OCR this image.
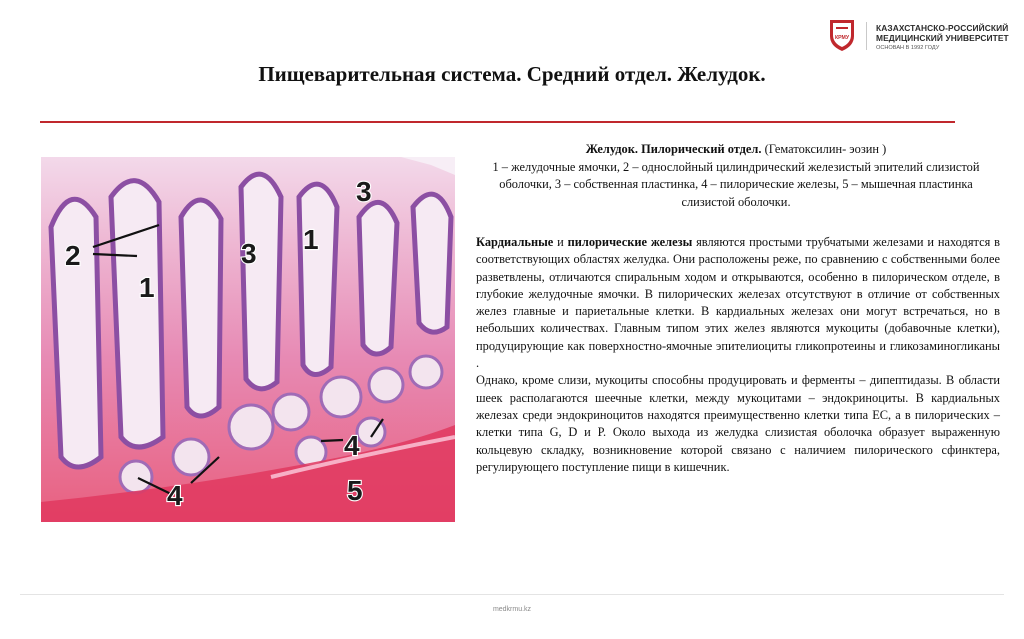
КРМУ
КАЗАХСТАНСКО-РОССИЙСКИЙ
МЕДИЦИНСКИЙ УНИВЕРСИТЕТ
ОСНОВАН В 1992 ГОДУ
Пищеварительная система. Средний отдел. Желудок.
2
1
3 1
3
4
4	5
Желудок. Пилорический отдел. (Гематоксилин- эозин )
1 – желудочные ямочки, 2 – однослойный цилиндрический железистый эпителий слизистой оболочки, 3 – собственная пластинка, 4 – пилорические железы, 5 – мышечная пластинка слизистой оболочки.

Кардиальные и пилорические железы являются простыми трубчатыми железами и находятся в соответствующих областях желудка. Они расположены реже, по сравнению с собственными более разветвлены, отличаются спиральным ходом и открываются, особенно в пилорическом отделе, в глубокие желудочные ямочки. В пилорических железах отсутствуют в отличие от собственных желез главные и париетальные клетки. В кардиальных железах они могут встречаться, но в небольших количествах. Главным типом этих желез являются мукоциты (добавочные клетки), продуцирующие как поверхностно-ямочные эпителиоциты гликопротеины и гликозаминогликаны .

Однако, кроме слизи, мукоциты способны продуцировать и ферменты – дипептидазы. В области шеек располагаются шеечные клетки, между мукоцитами – эндокриноциты. В кардиальных железах среди эндокриноцитов находятся преимущественно клетки типа ЕС, а в пилорических – клетки типа G, D и Р. Около выхода из желудка слизистая оболочка образует выраженную кольцевую складку, возникновение которой связано с наличием пилорического сфинктера, регулирующего поступление пищи в кишечник.

medkrmu.kz
